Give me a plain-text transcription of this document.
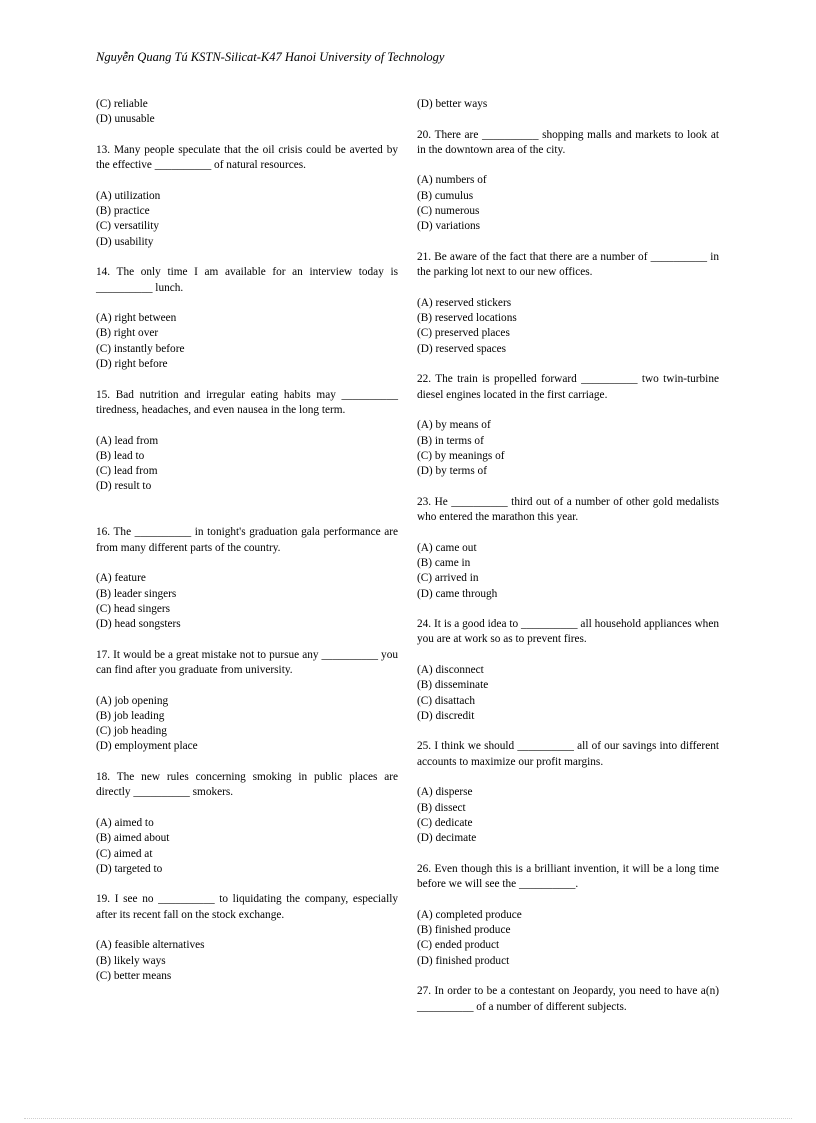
Nguyễn Quang Tú KSTN-Silicat-K47 Hanoi University of Technology

(C) reliable

(D) unusable

13. Many people speculate that the oil crisis could be averted by the effective __________ of natural resources.

(A) utilization

(B) practice

(C) versatility

(D) usability

14. The only time I am available for an interview today is __________ lunch.

(A) right between

(B) right over

(C) instantly before

(D) right before

15. Bad nutrition and irregular eating habits may __________ tiredness, headaches, and even nausea in the long term.

(A) lead from

(B) lead to

(C) lead from

(D) result to

16. The __________ in tonight's graduation gala performance are from many different parts of the country.

(A) feature

(B) leader singers

(C) head singers

(D) head songsters

17. It would be a great mistake not to pursue any __________ you can find after you graduate from university.

(A) job opening

(B) job leading

(C) job heading

(D) employment place

18. The new rules concerning smoking in public places are directly __________ smokers.

(A) aimed to

(B) aimed about

(C) aimed at

(D) targeted to

19. I see no __________ to liquidating the company, especially after its recent fall on the stock exchange.

(A) feasible alternatives

(B) likely ways

(C) better means

(D) better ways

20. There are __________ shopping malls and markets to look at in the downtown area of the city.

(A) numbers of

(B) cumulus

(C) numerous

(D) variations

21. Be aware of the fact that there are a number of __________ in the parking lot next to our new offices.

(A) reserved stickers

(B) reserved locations

(C) preserved places

(D) reserved spaces

22. The train is propelled forward __________ two twin-turbine diesel engines located in the first carriage.

(A) by means of

(B) in terms of

(C) by meanings of

(D) by terms of

23. He __________ third out of a number of other gold medalists who entered the marathon this year.

(A) came out

(B) came in

(C) arrived in

(D) came through

24. It is a good idea to __________ all household appliances when you are at work so as to prevent fires.

(A) disconnect

(B) disseminate

(C) disattach

(D) discredit

25. I think we should __________ all of our savings into different accounts to maximize our profit margins.

(A) disperse

(B) dissect

(C) dedicate

(D) decimate

26. Even though this is a brilliant invention, it will be a long time before we will see the __________.

(A) completed produce

(B) finished produce

(C) ended product

(D) finished product

27. In order to be a contestant on Jeopardy, you need to have a(n) __________ of a number of different subjects.
